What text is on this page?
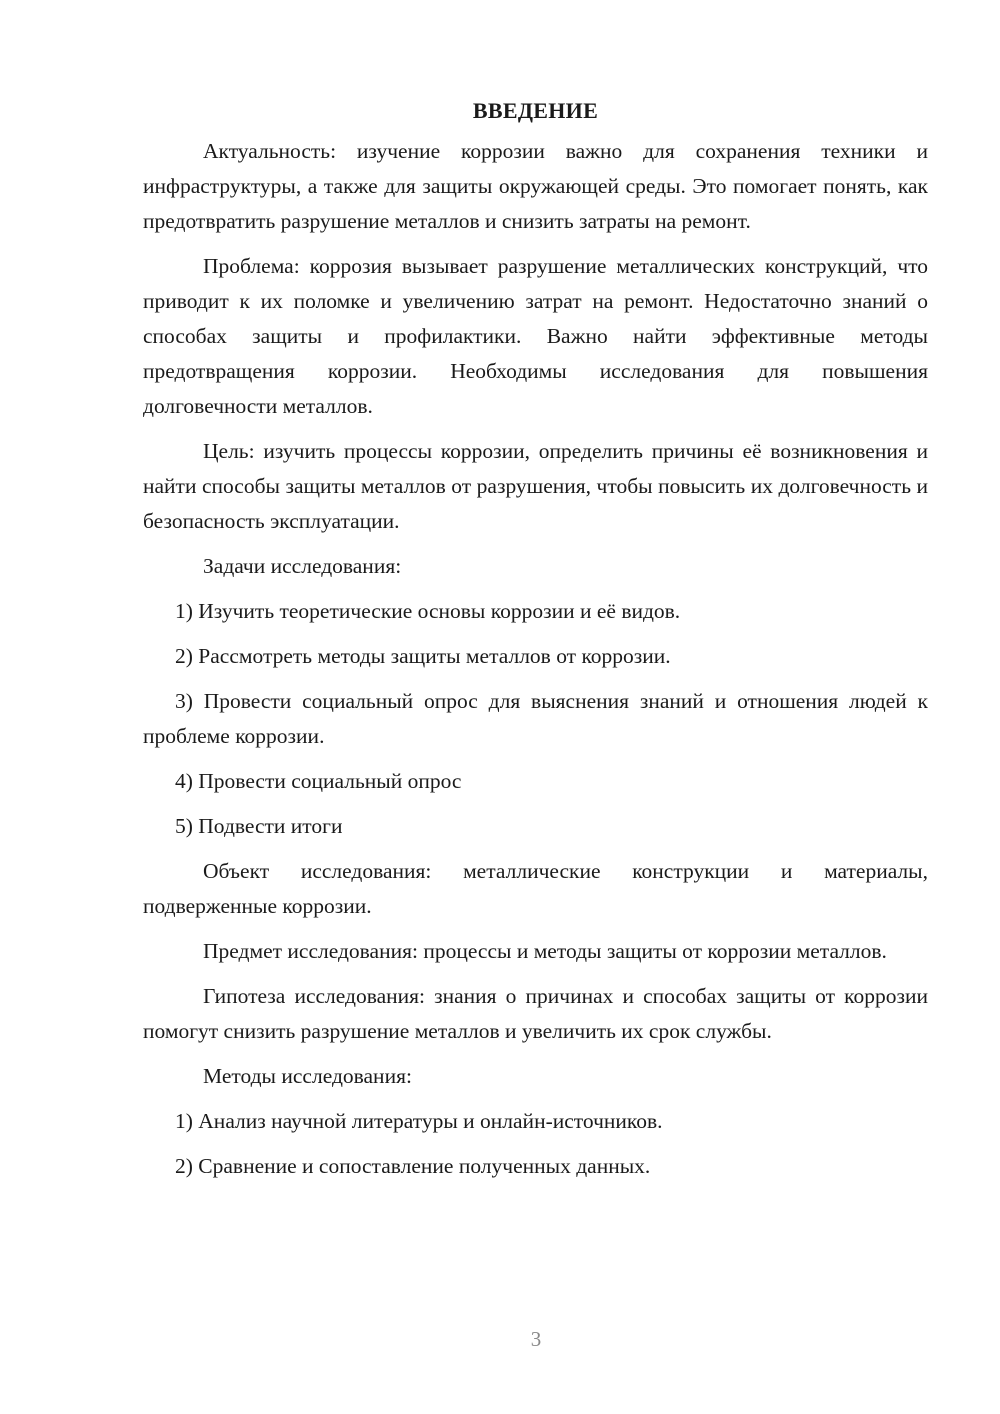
ВВЕДЕНИЕ

Актуальность: изучение коррозии важно для сохранения техники и инфраструктуры, а также для защиты окружающей среды. Это помогает понять, как предотвратить разрушение металлов и снизить затраты на ремонт.

Проблема: коррозия вызывает разрушение металлических конструкций, что приводит к их поломке и увеличению затрат на ремонт. Недостаточно знаний о способах защиты и профилактики. Важно найти эффективные методы предотвращения коррозии. Необходимы исследования для повышения долговечности металлов.

Цель: изучить процессы коррозии, определить причины её возникновения и найти способы защиты металлов от разрушения, чтобы повысить их долговечность и безопасность эксплуатации.

Задачи исследования:

1) Изучить теоретические основы коррозии и её видов.

2) Рассмотреть методы защиты металлов от коррозии.

3) Провести социальный опрос для выяснения знаний и отношения людей к проблеме коррозии.

4) Провести социальный опрос

5) Подвести итоги

Объект исследования: металлические конструкции и материалы, подверженные коррозии.

Предмет исследования: процессы и методы защиты от коррозии металлов.

Гипотеза исследования: знания о причинах и способах защиты от коррозии помогут снизить разрушение металлов и увеличить их срок службы.

Методы исследования:

1) Анализ научной литературы и онлайн-источников.

2) Сравнение и сопоставление полученных данных.

3
